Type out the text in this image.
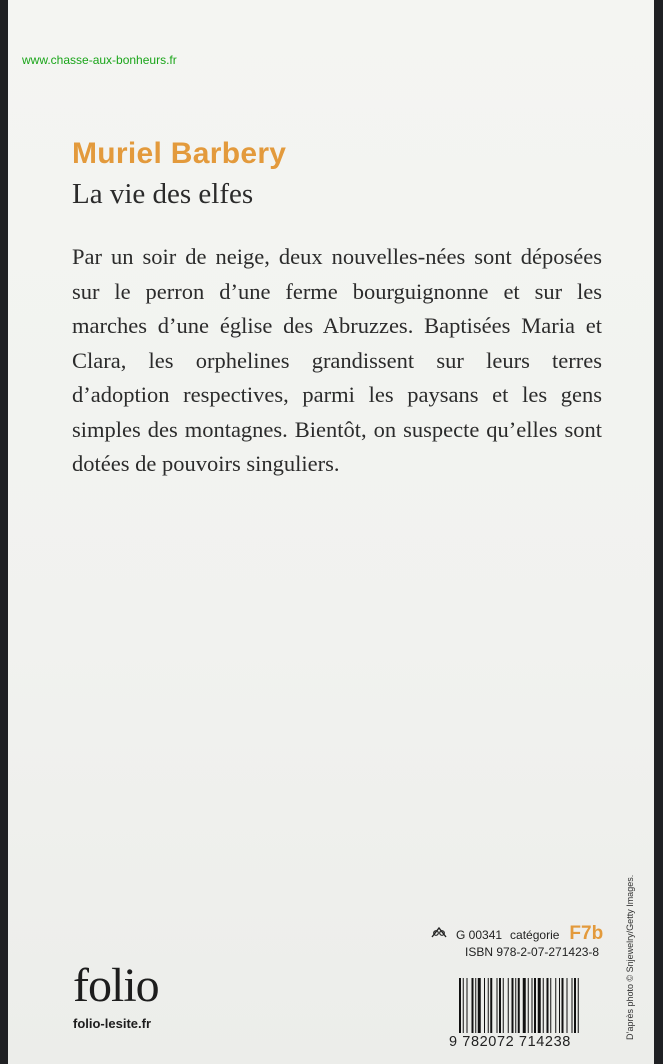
www.chasse-aux-bonheurs.fr
Muriel Barbery
La vie des elfes

Par un soir de neige, deux nouvelles-nées sont déposées sur le perron d’une ferme bourguignonne et sur les marches d’une église des Abruzzes. Baptisées Maria et Clara, les orphelines grandissent sur leurs terres d’adoption respectives, parmi les paysans et les gens simples des montagnes. Bientôt, on suspecte qu’elles sont dotées de pouvoirs singuliers.

G 00341 catégorie F7b
ISBN 978-2-07-271423-8
9 782072 714238
folio
folio-lesite.fr	D’après photo © Snjewelry/Getty Images.
